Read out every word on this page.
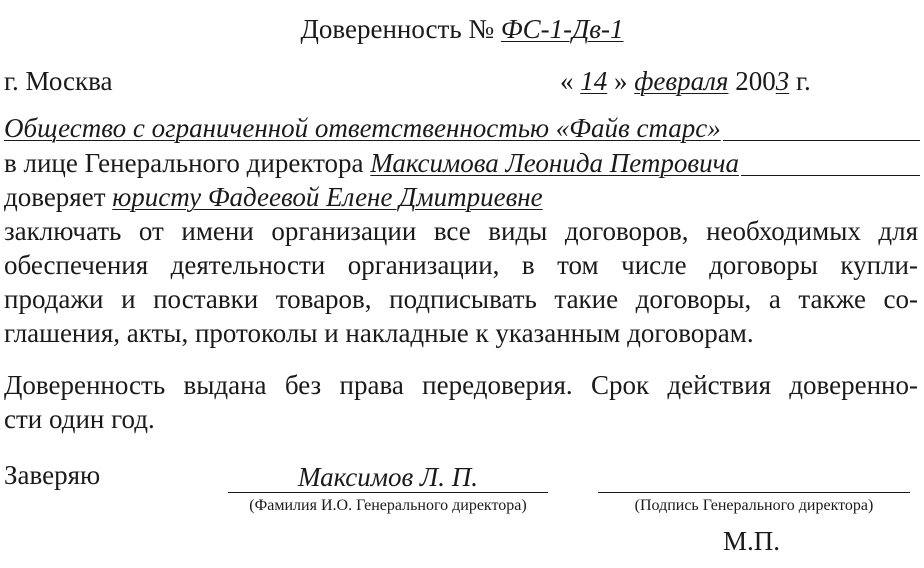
Доверенность № ФС-1-Дв-1
г. Москва	« 14 » февраля 2003 г.
Общество с ограниченной ответственностью «Файв старс»
в лице Генерального директора
Максимова Леонида Петровича
доверяет
юристу Фадеевой Елене Дмитриевне
заключать от имени организации все виды договоров, необходимых для
обеспечения деятельности организации, в том числе договоры купли-
продажи и поставки товаров, подписывать такие договоры, а также со-
глашения, акты, протоколы и накладные к указанным договорам.
Доверенность выдана без права передоверия. Срок действия доверенно-
сти один год.
Заверяю	Максимов Л. П.
(Фамилия И.О. Генерального директора)	(Подпись Генерального директора)
М.П.
